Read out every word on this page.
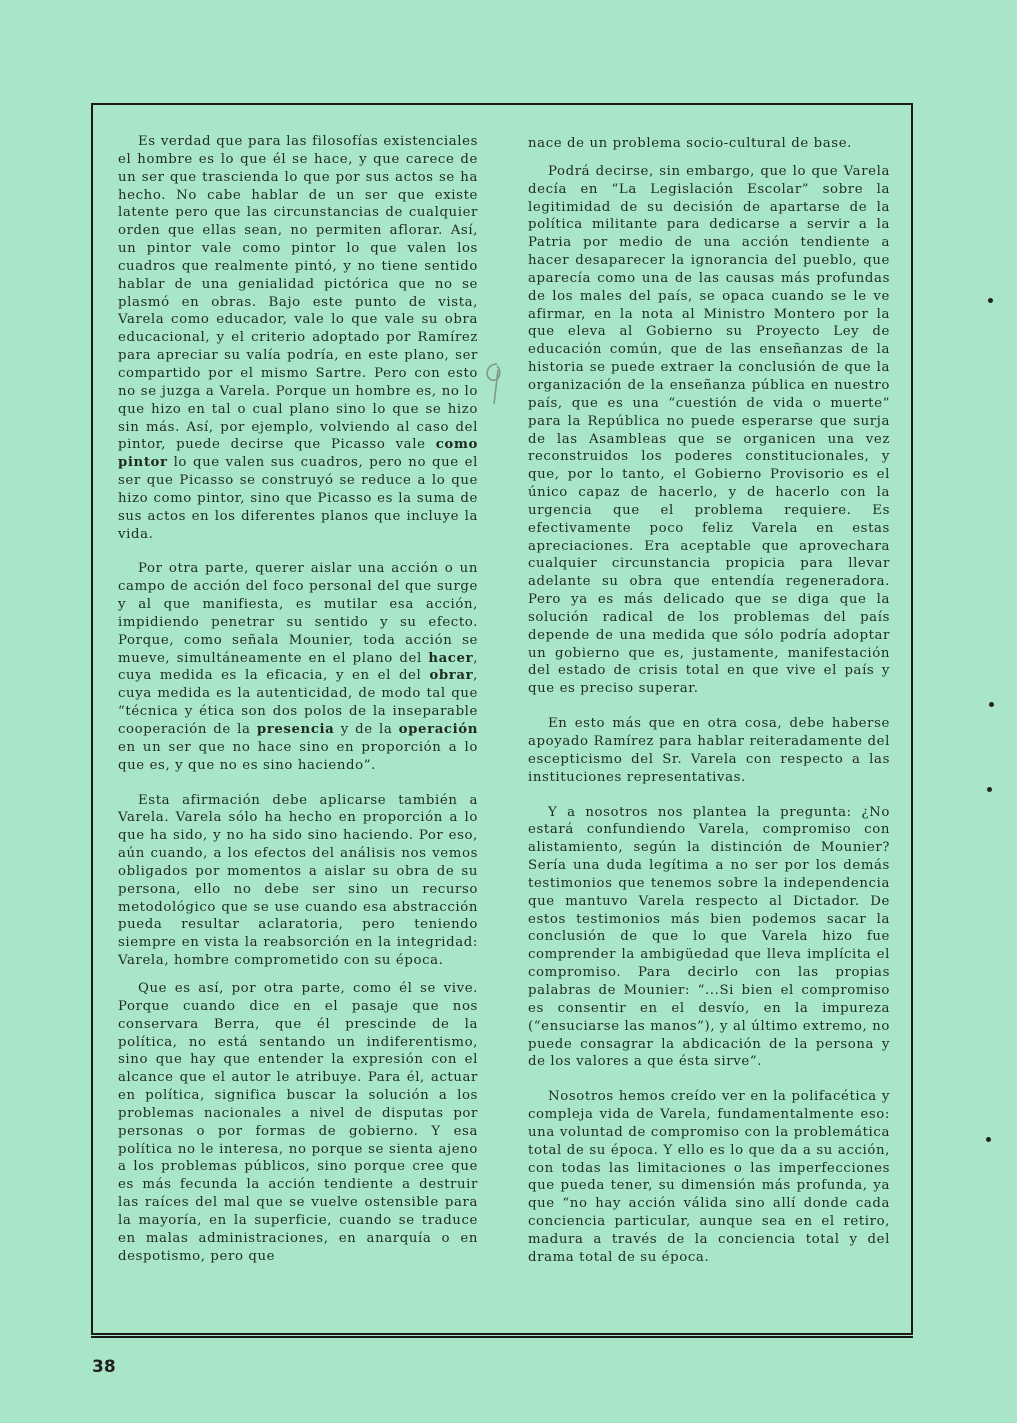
Es verdad que para las filosofías existenciales el hombre es lo que él se hace, y que carece de un ser que trascienda lo que por sus actos se ha hecho. No cabe hablar de un ser que existe latente pero que las circunstancias de cualquier orden que ellas sean, no permiten aflorar. Así, un pintor vale como pintor lo que valen los cuadros que realmente pintó, y no tiene sentido hablar de una genialidad pictórica que no se plasmó en obras. Bajo este punto de vista, Varela como educador, vale lo que vale su obra educacional, y el criterio adoptado por Ramírez para apreciar su valía podría, en este plano, ser compartido por el mismo Sartre. Pero con esto no se juzga a Varela. Porque un hombre es, no lo que hizo en tal o cual plano sino lo que se hizo sin más. Así, por ejemplo, volviendo al caso del pintor, puede decirse que Picasso vale como pintor lo que valen sus cuadros, pero no que el ser que Picasso se construyó se reduce a lo que hizo como pintor, sino que Picasso es la suma de sus actos en los diferentes planos que incluye la vida.

Por otra parte, querer aislar una acción o un campo de acción del foco personal del que surge y al que manifiesta, es mutilar esa acción, impidiendo penetrar su sentido y su efecto. Porque, como señala Mounier, toda acción se mueve, simultáneamente en el plano del hacer, cuya medida es la eficacia, y en el del obrar, cuya medida es la autenticidad, de modo tal que “técnica y ética son dos polos de la inseparable cooperación de la presencia y de la operación en un ser que no hace sino en proporción a lo que es, y que no es sino haciendo”.

Esta afirmación debe aplicarse también a Varela. Varela sólo ha hecho en proporción a lo que ha sido, y no ha sido sino haciendo. Por eso, aún cuando, a los efectos del análisis nos vemos obligados por momentos a aislar su obra de su persona, ello no debe ser sino un recurso metodológico que se use cuando esa abstracción pueda resultar aclaratoria, pero teniendo siempre en vista la reabsorción en la integridad: Varela, hombre comprometido con su época.

Que es así, por otra parte, como él se vive. Porque cuando dice en el pasaje que nos conservara Berra, que él prescinde de la política, no está sentando un indiferentismo, sino que hay que entender la expresión con el alcance que el autor le atribuye. Para él, actuar en política, significa buscar la solución a los problemas nacionales a nivel de disputas por personas o por formas de gobierno. Y esa política no le interesa, no porque se sienta ajeno a los problemas públicos, sino porque cree que es más fecunda la acción tendiente a destruir las raíces del mal que se vuelve ostensible para la mayoría, en la superficie, cuando se traduce en malas administraciones, en anarquía o en despotismo, pero que

nace de un problema socio-cultural de base.

Podrá decirse, sin embargo, que lo que Varela decía en “La Legislación Escolar” sobre la legitimidad de su decisión de apartarse de la política militante para dedicarse a servir a la Patria por medio de una acción tendiente a hacer desaparecer la ignorancia del pueblo, que aparecía como una de las causas más profundas de los males del país, se opaca cuando se le ve afirmar, en la nota al Ministro Montero por la que eleva al Gobierno su Proyecto Ley de educación común, que de las enseñanzas de la historia se puede extraer la conclusión de que la organización de la enseñanza pública en nuestro país, que es una “cuestión de vida o muerte” para la República no puede esperarse que surja de las Asambleas que se organicen una vez reconstruidos los poderes constitucionales, y que, por lo tanto, el Gobierno Provisorio es el único capaz de hacerlo, y de hacerlo con la urgencia que el problema requiere. Es efectivamente poco feliz Varela en estas apreciaciones. Era aceptable que aprovechara cualquier circunstancia propicia para llevar adelante su obra que entendía regeneradora. Pero ya es más delicado que se diga que la solución radical de los problemas del país depende de una medida que sólo podría adoptar un gobierno que es, justamente, manifestación del estado de crisis total en que vive el país y que es preciso superar.

En esto más que en otra cosa, debe haberse apoyado Ramírez para hablar reiteradamente del escepticismo del Sr. Varela con respecto a las instituciones representativas.

Y a nosotros nos plantea la pregunta: ¿No estará confundiendo Varela, compromiso con alistamiento, según la distinción de Mounier? Sería una duda legítima a no ser por los demás testimonios que tenemos sobre la independencia que mantuvo Varela respecto al Dictador. De estos testimonios más bien podemos sacar la conclusión de que lo que Varela hizo fue comprender la ambigüedad que lleva implícita el compromiso. Para decirlo con las propias palabras de Mounier: “...Si bien el compromiso es consentir en el desvío, en la impureza (“ensuciarse las manos”), y al último extremo, no puede consagrar la abdicación de la persona y de los valores a que ésta sirve”.

Nosotros hemos creído ver en la polifacética y compleja vida de Varela, fundamentalmente eso: una voluntad de compromiso con la problemática total de su época. Y ello es lo que da a su acción, con todas las limitaciones o las imperfecciones que pueda tener, su dimensión más profunda, ya que “no hay acción válida sino allí donde cada conciencia particular, aunque sea en el retiro, madura a través de la conciencia total y del drama total de su época.

38
